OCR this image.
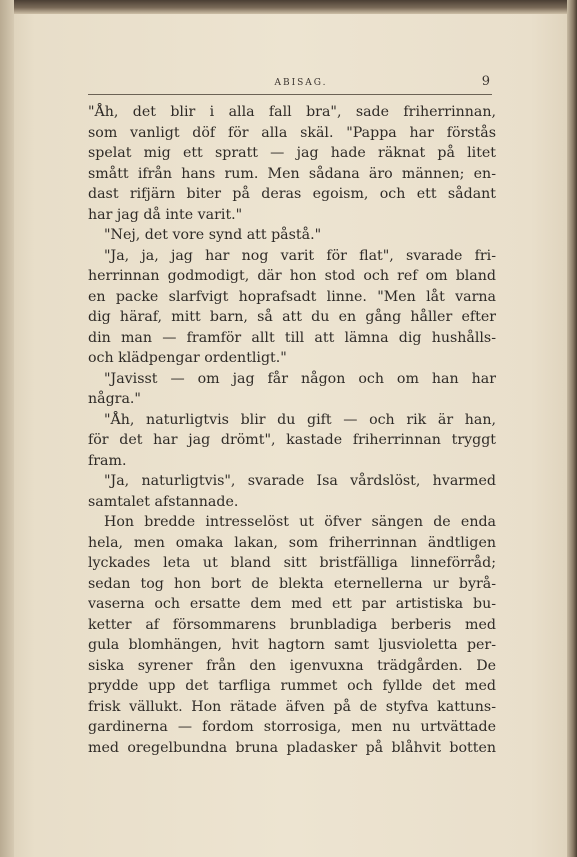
ABISAG.	9
"Åh, det blir i alla fall bra", sade friherrinnan,
som vanligt döf för alla skäl. "Pappa har förstås
spelat mig ett spratt — jag hade räknat på litet
smått ifrån hans rum. Men sådana äro männen; en-
dast rifjärn biter på deras egoism, och ett sådant
har jag då inte varit."
"Nej, det vore synd att påstå."
"Ja, ja, jag har nog varit för flat", svarade fri-
herrinnan godmodigt, där hon stod och ref om bland
en packe slarfvigt hoprafsadt linne. "Men låt varna
dig häraf, mitt barn, så att du en gång håller efter
din man — framför allt till att lämna dig hushålls-
och klädpengar ordentligt."
"Javisst — om jag får någon och om han har
några."
"Åh, naturligtvis blir du gift — och rik är han,
för det har jag drömt", kastade friherrinnan tryggt
fram.
"Ja, naturligtvis", svarade Isa vårdslöst, hvarmed
samtalet afstannade.
Hon bredde intresselöst ut öfver sängen de enda
hela, men omaka lakan, som friherrinnan ändtligen
lyckades leta ut bland sitt bristfälliga linneförråd;
sedan tog hon bort de blekta eternellerna ur byrå-
vaserna och ersatte dem med ett par artistiska bu-
ketter af försommarens brunbladiga berberis med
gula blomhängen, hvit hagtorn samt ljusvioletta per-
siska syrener från den igenvuxna trädgården. De
prydde upp det tarfliga rummet och fyllde det med
frisk vällukt. Hon rätade äfven på de styfva kattuns-
gardinerna — fordom storrosiga, men nu urtvättade
med oregelbundna bruna pladasker på blåhvit botten
